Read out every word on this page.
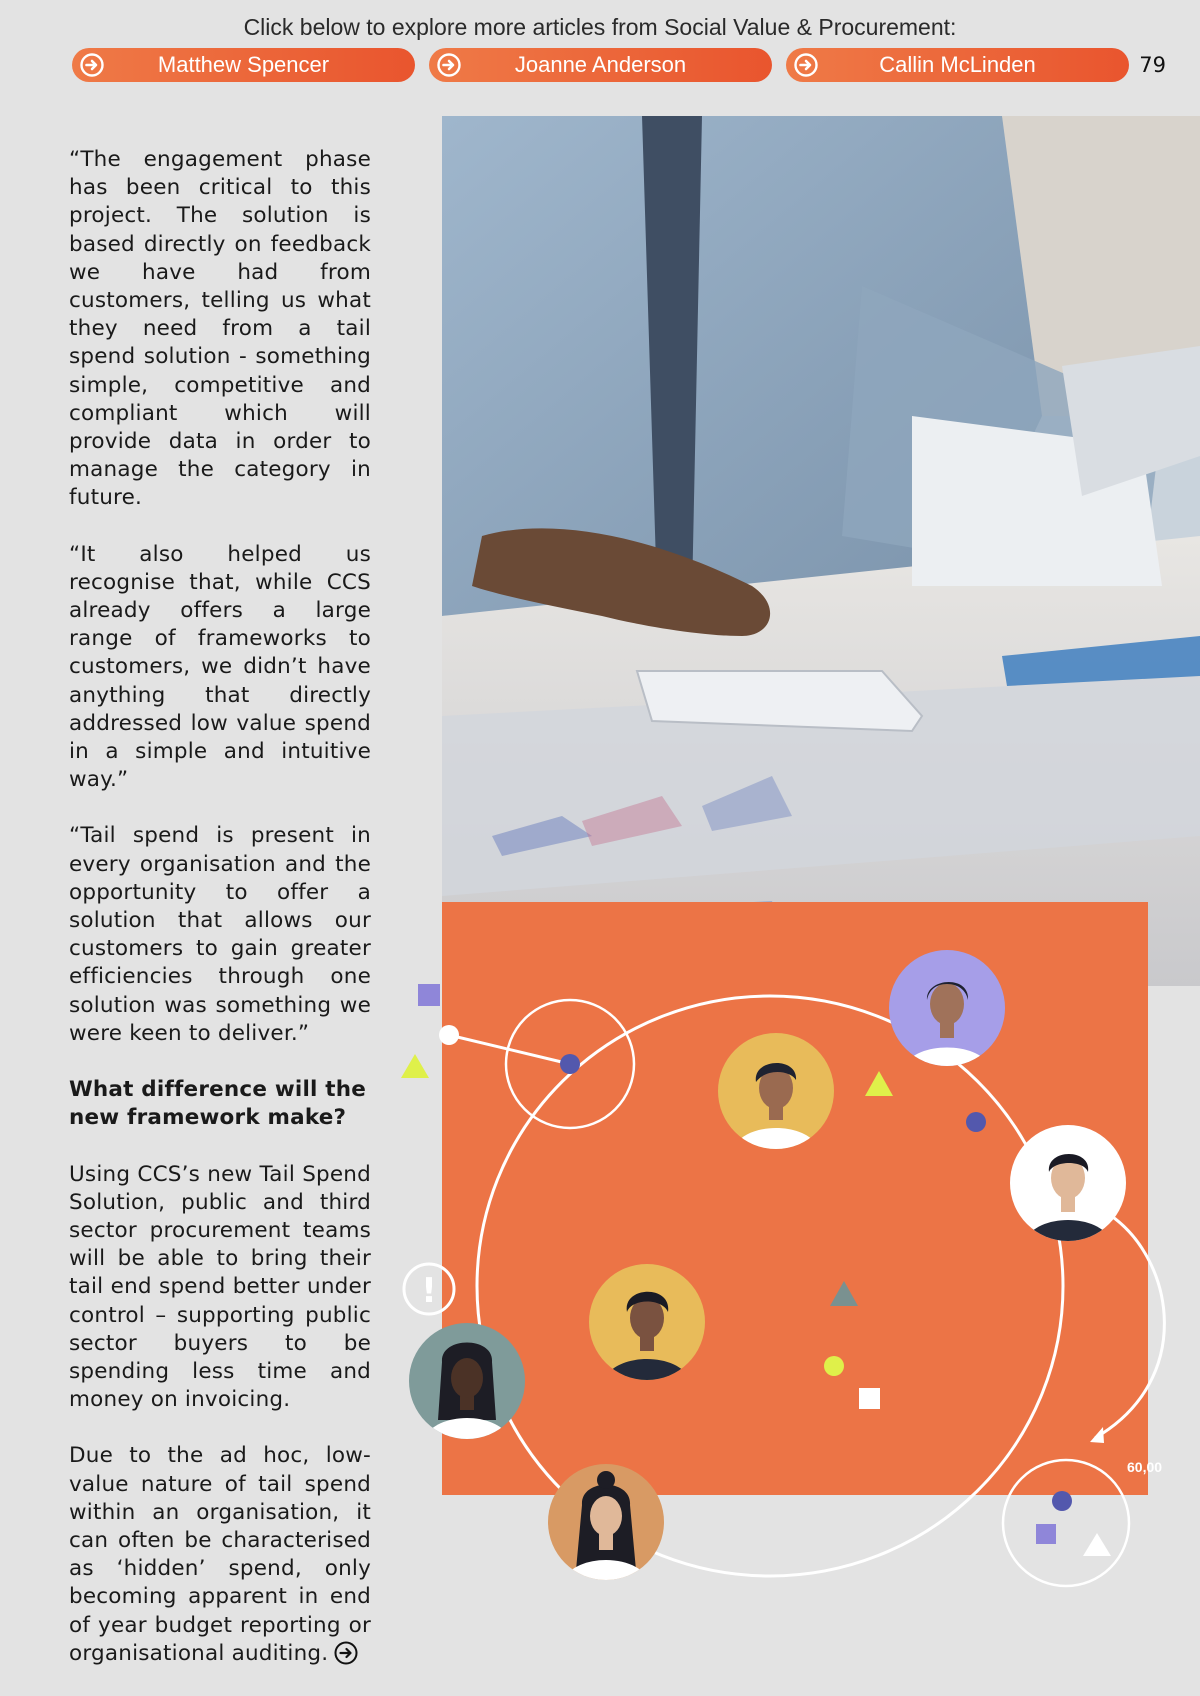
Click below to explore more articles from Social Value & Procurement:
Matthew Spencer	Joanne Anderson	Callin McLinden	79

“The engagement phase has been critical to this project. The solution is based directly on feedback we have had from customers, telling us what they need from a tail spend solution - something simple, competitive and compliant which will provide data in order to manage the category in future.

“It also helped us recognise that, while CCS already offers a large range of frameworks to customers, we didn’t have anything that directly addressed low value spend in a simple and intuitive way.”

“Tail spend is present in every organisation and the opportunity to offer a solution that allows our customers to gain greater efficiencies through one solution was something we were keen to deliver.”

What difference will the new framework make?

Using CCS’s new Tail Spend Solution, public and third sector procurement teams will be able to bring their tail end spend better under control – supporting public sector buyers to be spending less time and money on invoicing.

Due to the ad hoc, low-value nature of tail spend within an organisation, it can often be characterised as ‘hidden’ spend, only becoming apparent in end of year budget reporting or organisational auditing.

!
60,00
